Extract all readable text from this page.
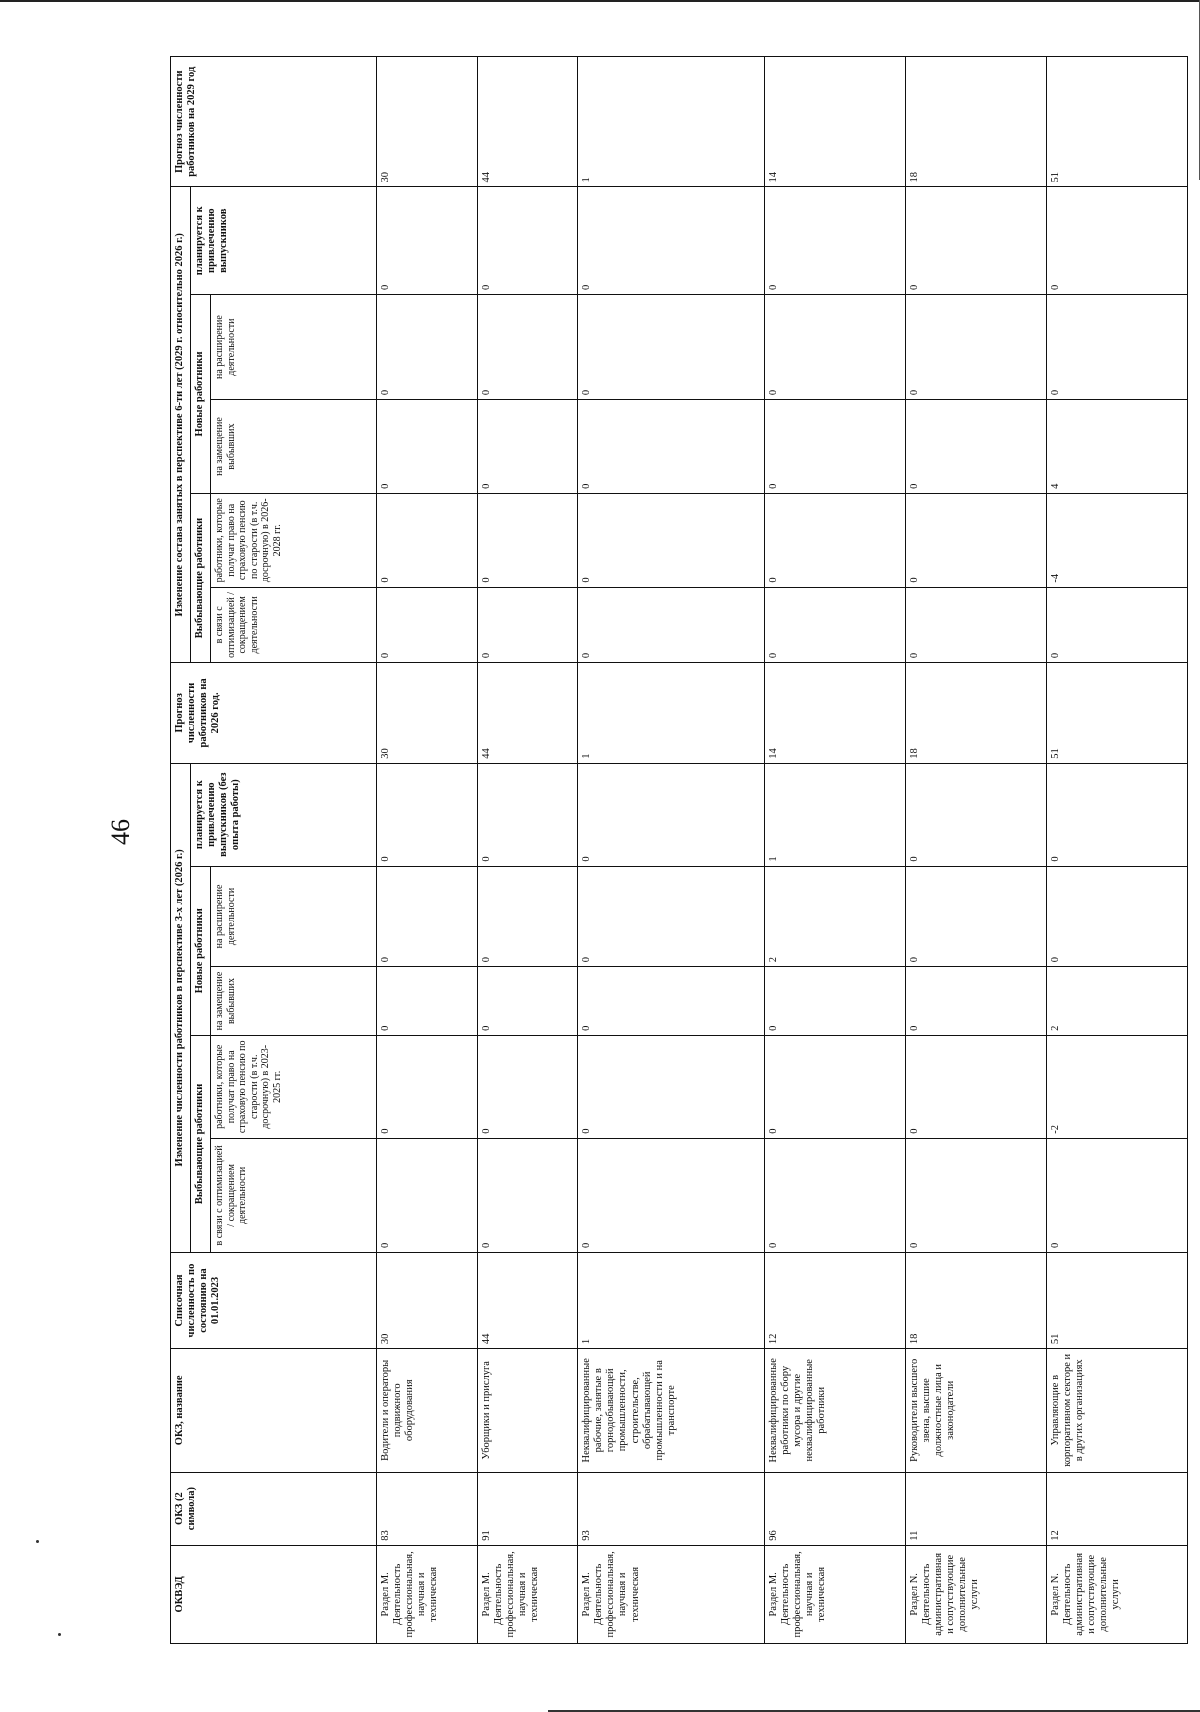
46
ОКВЭД	ОКЗ (2 символа)	ОКЗ, название	Списочная численность по состоянию на 01.01.2023	Изменение численности работников в перспективе 3-х лет (2026 г.)					Прогноз численности работников на 2026 год.	Изменение состава занятых в перспективе 6-ти лет (2029 г. относительно 2026 г.)					Прогноз численности работников на 2029 год
				Выбывающие работники		Новые работники		планируется к привлечению выпускников (без опыта работы)		Выбывающие работники		Новые работники		планируется к привлечению выпускников	
				в связи с оптимизацией / сокращением деятельности	работники, которые получат право на страховую пенсию по старости (в т.ч. досрочную) в 2023-2025 гг.	на замещение выбывших	на расширение деятельности			в связи с оптимизацией / сокращением деятельности	работники, которые получат право на страховую пенсию по старости (в т.ч. досрочную) в 2026-2028 гг.	на замещение выбывших	на расширение деятельности		
Раздел М. Деятельность профессиональная, научная и техническая	83	Водители и операторы подвижного оборудования	30	0	0	0	0	0	30	0	0	0	0	0	30
Раздел М. Деятельность профессиональная, научная и техническая	91	Уборщики и прислуга	44	0	0	0	0	0	44	0	0	0	0	0	44
Раздел М. Деятельность профессиональная, научная и техническая	93	Неквалифицированные рабочие, занятые в горнодобывающей промышленности, строительстве, обрабатывающей промышленности и на транспорте	1	0	0	0	0	0	1	0	0	0	0	0	1
Раздел М. Деятельность профессиональная, научная и техническая	96	Неквалифицированные работники по сбору мусора и другие неквалифицированные работники	12	0	0	0	2	1	14	0	0	0	0	0	14
Раздел N. Деятельность административная и сопутствующие дополнительные услуги	11	Руководители высшего звена, высшие должностные лица и законодатели	18	0	0	0	0	0	18	0	0	0	0	0	18
Раздел N. Деятельность административная и сопутствующие дополнительные услуги	12	Управляющие в корпоративном секторе и в других организациях	51	0	-2	2	0	0	51	0	-4	4	0	0	51
